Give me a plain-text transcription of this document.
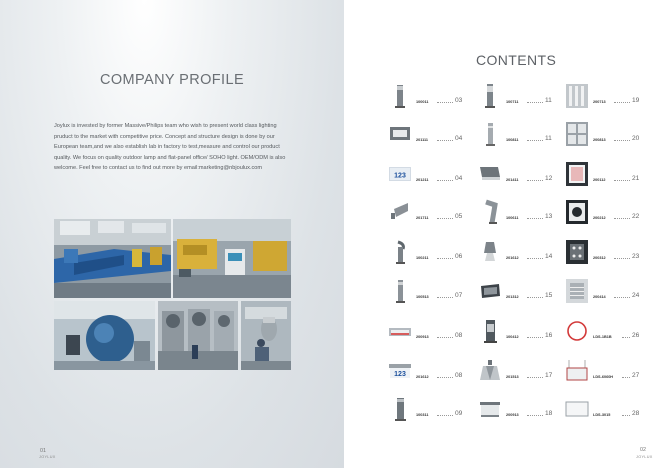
COMPANY PROFILE
Joylux is invested by former Massive/Philips team who wish to present world class lighting pruduct to the market with competitive price. Concept and structure design is done by our European team,and we also establish lab in factory to test,measure and control our product quality. We focus on quality outdoor lamp and flat-panel office/ SOHO light. OEM/ODM is also welcome. Feel free to contact us to find out more by email:marketing@nbjoulux.com
01
JOYLUX
CONTENTS
100011	03
201111	04
123
201211	04
201711	05
100211	06
100513	07
200913	08
123	201612	08
100311	09
100711	11
100811	11
201411	12
100611	13
201612	14
201312	15
100412	16
201513	17
200913	18
200713	19
200813	20
200112	21
200212	22
200312	23
200414	24
LDS-1B1B	26
LDS-6060H	27
LDS-3015	28
02
JOYLUX
